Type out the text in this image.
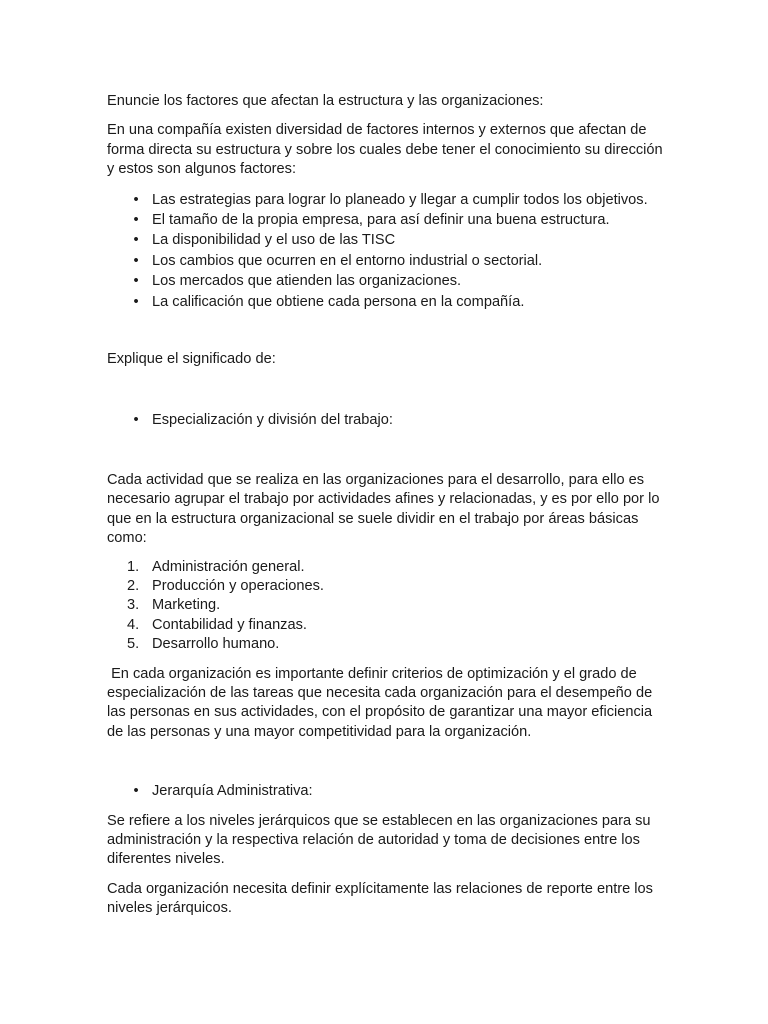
Enuncie los factores que afectan la estructura y las organizaciones:

En una compañía existen diversidad de factores internos y externos que afectan de forma directa su estructura y sobre los cuales debe tener el conocimiento su dirección y estos son algunos factores:

• Las estrategias para lograr lo planeado y llegar a cumplir todos los objetivos.
• El tamaño de la propia empresa, para así definir una buena estructura.
• La disponibilidad y el uso de las TISC
• Los cambios que ocurren en el entorno industrial o sectorial.
• Los mercados que atienden las organizaciones.
• La calificación que obtiene cada persona en la compañía.

Explique el significado de:

• Especialización y división del trabajo:

Cada actividad que se realiza en las organizaciones para el desarrollo, para ello es necesario agrupar el trabajo por actividades afines y relacionadas, y es por ello por lo que en la estructura organizacional se suele dividir en el trabajo por áreas básicas como:

1. Administración general.
2. Producción y operaciones.
3. Marketing.
4. Contabilidad y finanzas.
5. Desarrollo humano.

En cada organización es importante definir criterios de optimización y el grado de especialización de las tareas que necesita cada organización para el desempeño de las personas en sus actividades, con el propósito de garantizar una mayor eficiencia de las personas y una mayor competitividad para la organización.

• Jerarquía Administrativa:

Se refiere a los niveles jerárquicos que se establecen en las organizaciones para su administración y la respectiva relación de autoridad y toma de decisiones entre los diferentes niveles.

Cada organización necesita definir explícitamente las relaciones de reporte entre los niveles jerárquicos.
